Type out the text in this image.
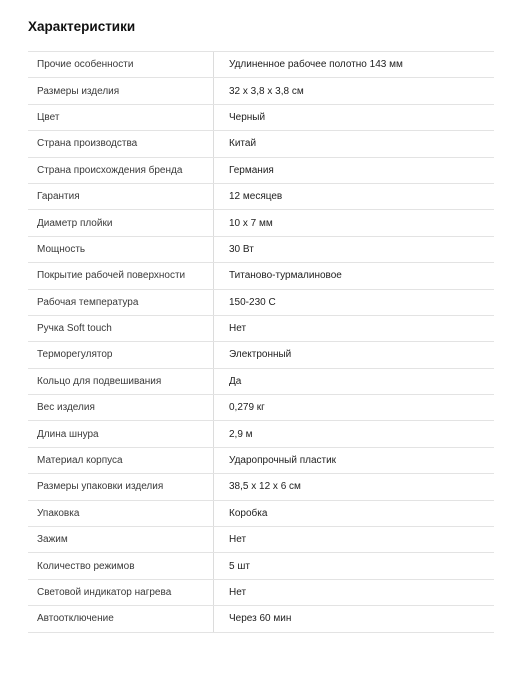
Характеристики
Прочие особенности	Удлиненное рабочее полотно 143 мм
Размеры изделия	32 x 3,8 x 3,8 см
Цвет	Черный
Страна производства	Китай
Страна происхождения бренда	Германия
Гарантия	12 месяцев
Диаметр плойки	10 x 7 мм
Мощность	30 Вт
Покрытие рабочей поверхности	Титаново-турмалиновое
Рабочая температура	150-230 С
Ручка Soft touch	Нет
Терморегулятор	Электронный
Кольцо для подвешивания	Да
Вес изделия	0,279 кг
Длина шнура	2,9 м
Материал корпуса	Ударопрочный пластик
Размеры упаковки изделия	38,5 x 12 x 6 см
Упаковка	Коробка
Зажим	Нет
Количество режимов	5 шт
Световой индикатор нагрева	Нет
Автоотключение	Через 60 мин
